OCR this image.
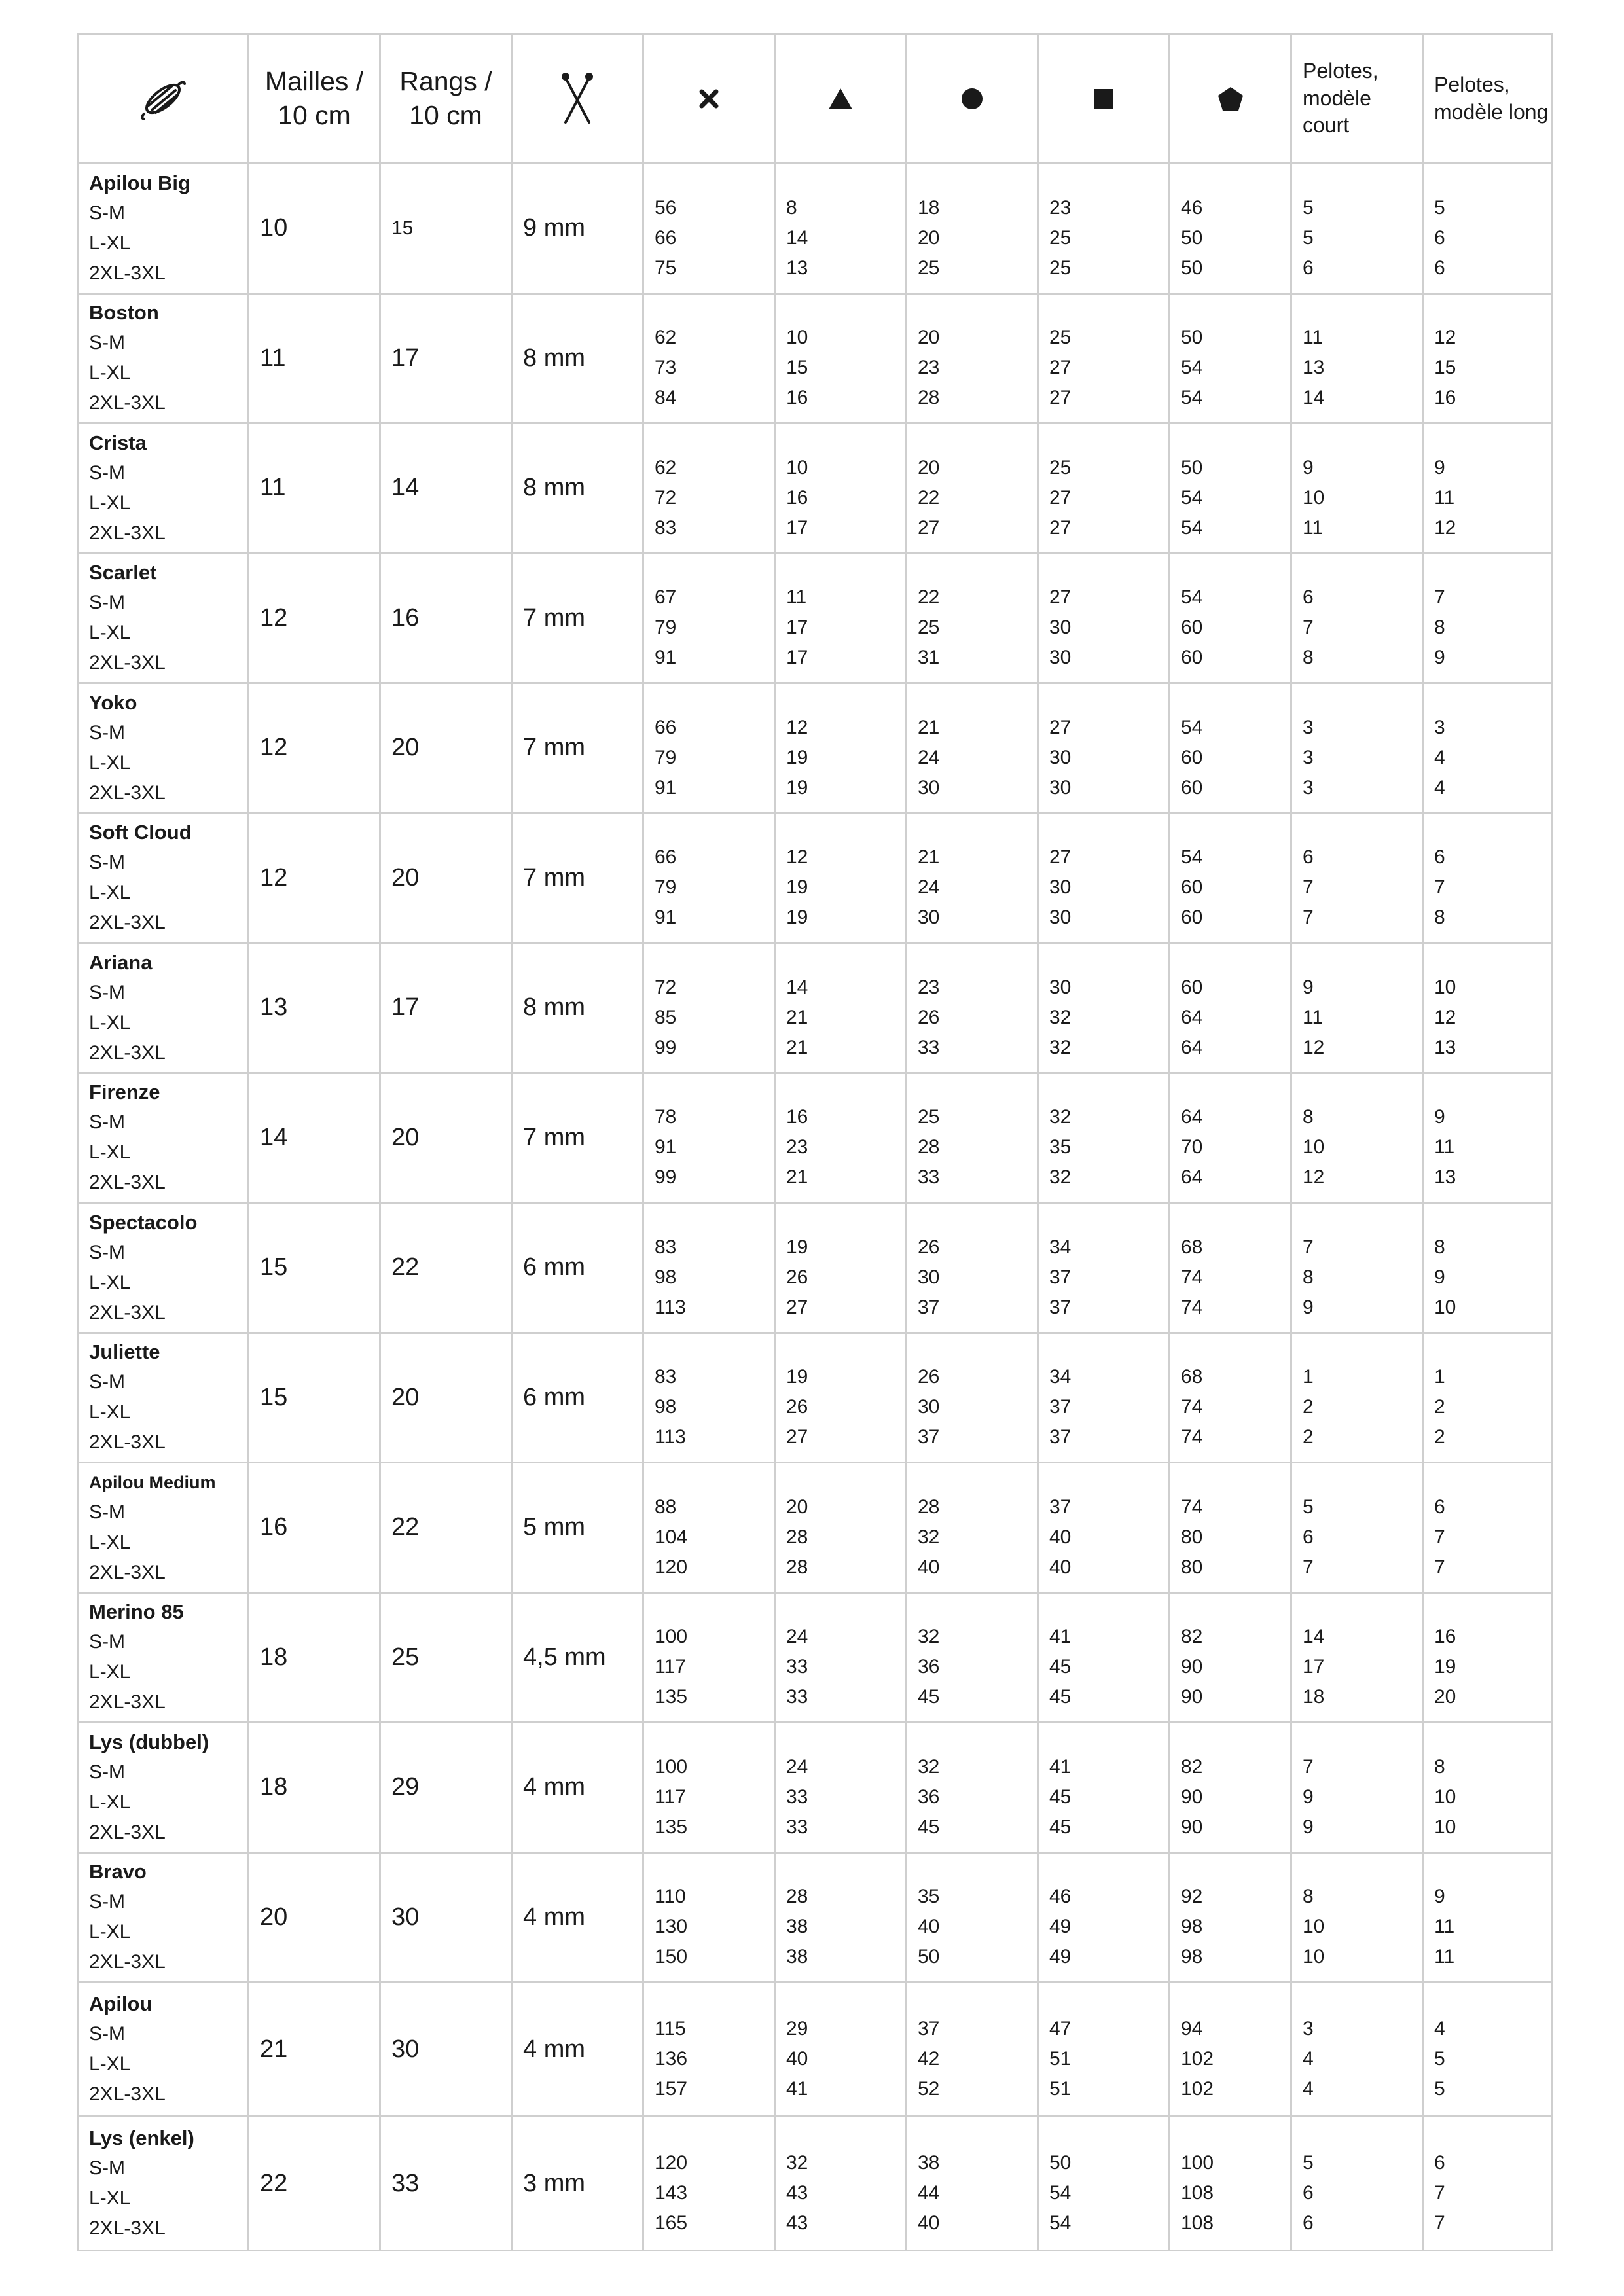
	Mailles / 10 cm	Rangs / 10 cm							Pelotes, modèle court	Pelotes, modèle long

Apilou Big
S-M
L-XL
2XL-3XL	10	15	9 mm	56
66
75	8
14
13	18
20
25	23
25
25	46
50
50	5
5
6	5
6
6

Boston
S-M
L-XL
2XL-3XL	11	17	8 mm	62
73
84	10
15
16	20
23
28	25
27
27	50
54
54	11
13
14	12
15
16

Crista
S-M
L-XL
2XL-3XL	11	14	8 mm	62
72
83	10
16
17	20
22
27	25
27
27	50
54
54	9
10
11	9
11
12

Scarlet
S-M
L-XL
2XL-3XL	12	16	7 mm	67
79
91	11
17
17	22
25
31	27
30
30	54
60
60	6
7
8	7
8
9

Yoko
S-M
L-XL
2XL-3XL	12	20	7 mm	66
79
91	12
19
19	21
24
30	27
30
30	54
60
60	3
3
3	3
4
4

Soft Cloud
S-M
L-XL
2XL-3XL	12	20	7 mm	66
79
91	12
19
19	21
24
30	27
30
30	54
60
60	6
7
7	6
7
8

Ariana
S-M
L-XL
2XL-3XL	13	17	8 mm	72
85
99	14
21
21	23
26
33	30
32
32	60
64
64	9
11
12	10
12
13

Firenze
S-M
L-XL
2XL-3XL	14	20	7 mm	78
91
99	16
23
21	25
28
33	32
35
32	64
70
64	8
10
12	9
11
13

Spectacolo
S-M
L-XL
2XL-3XL	15	22	6 mm	83
98
113	19
26
27	26
30
37	34
37
37	68
74
74	7
8
9	8
9
10

Juliette
S-M
L-XL
2XL-3XL	15	20	6 mm	83
98
113	19
26
27	26
30
37	34
37
37	68
74
74	1
2
2	1
2
2

Apilou Medium
S-M
L-XL
2XL-3XL	16	22	5 mm	88
104
120	20
28
28	28
32
40	37
40
40	74
80
80	5
6
7	6
7
7

Merino 85
S-M
L-XL
2XL-3XL	18	25	4,5 mm	100
117
135	24
33
33	32
36
45	41
45
45	82
90
90	14
17
18	16
19
20

Lys (dubbel)
S-M
L-XL
2XL-3XL	18	29	4 mm	100
117
135	24
33
33	32
36
45	41
45
45	82
90
90	7
9
9	8
10
10

Bravo
S-M
L-XL
2XL-3XL	20	30	4 mm	110
130
150	28
38
38	35
40
50	46
49
49	92
98
98	8
10
10	9
11
11

Apilou
S-M
L-XL
2XL-3XL	21	30	4 mm	115
136
157	29
40
41	37
42
52	47
51
51	94
102
102	3
4
4	4
5
5

Lys (enkel)
S-M
L-XL
2XL-3XL	22	33	3 mm	120
143
165	32
43
43	38
44
40	50
54
54	100
108
108	5
6
6	6
7
7
